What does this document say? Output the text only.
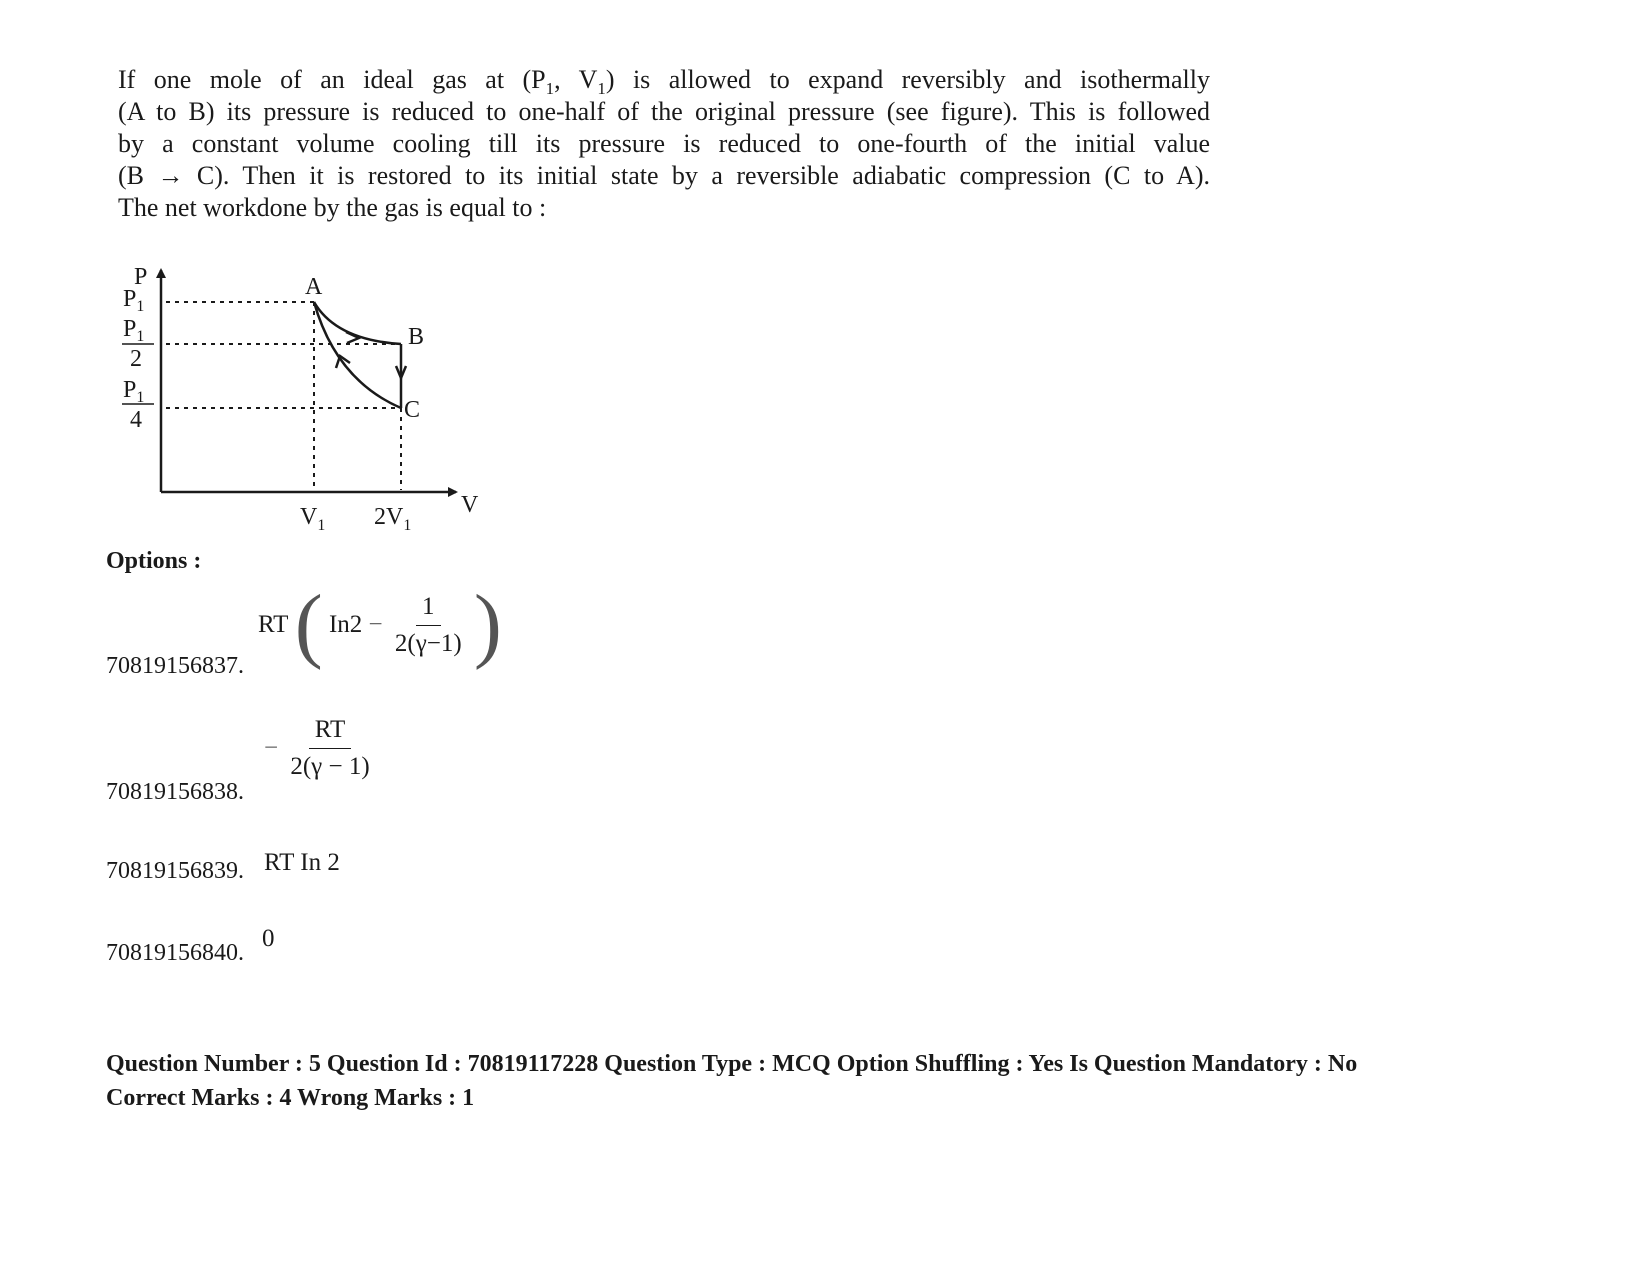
If one mole of an ideal gas at ($P_1$, $V_1$) is allowed to expand reversibly and isothermally
(A to B) its pressure is reduced to one-half of the original pressure (see figure). This is followed
by a constant volume cooling till its pressure is reduced to one-fourth of the initial value
(B → C). Then it is restored to its initial state by a reversible adiabatic compression (C to A).
The net workdone by the gas is equal to :
P
V
A
B
C
$P_1$
$P_1$
2
$P_1$
4
$V_1$ $2V_1$
Options :
70819156837.
RT ( $In2 - \frac{1}{2(\gamma-1)}$ )
70819156838.
− $\frac{RT}{2(\gamma - 1)}$
70819156839. RT In 2
70819156840.
0
Question Number : 5 Question Id : 70819117228 Question Type : MCQ Option Shuffling : Yes Is Question Mandatory : No
Correct Marks : 4 Wrong Marks : 1
